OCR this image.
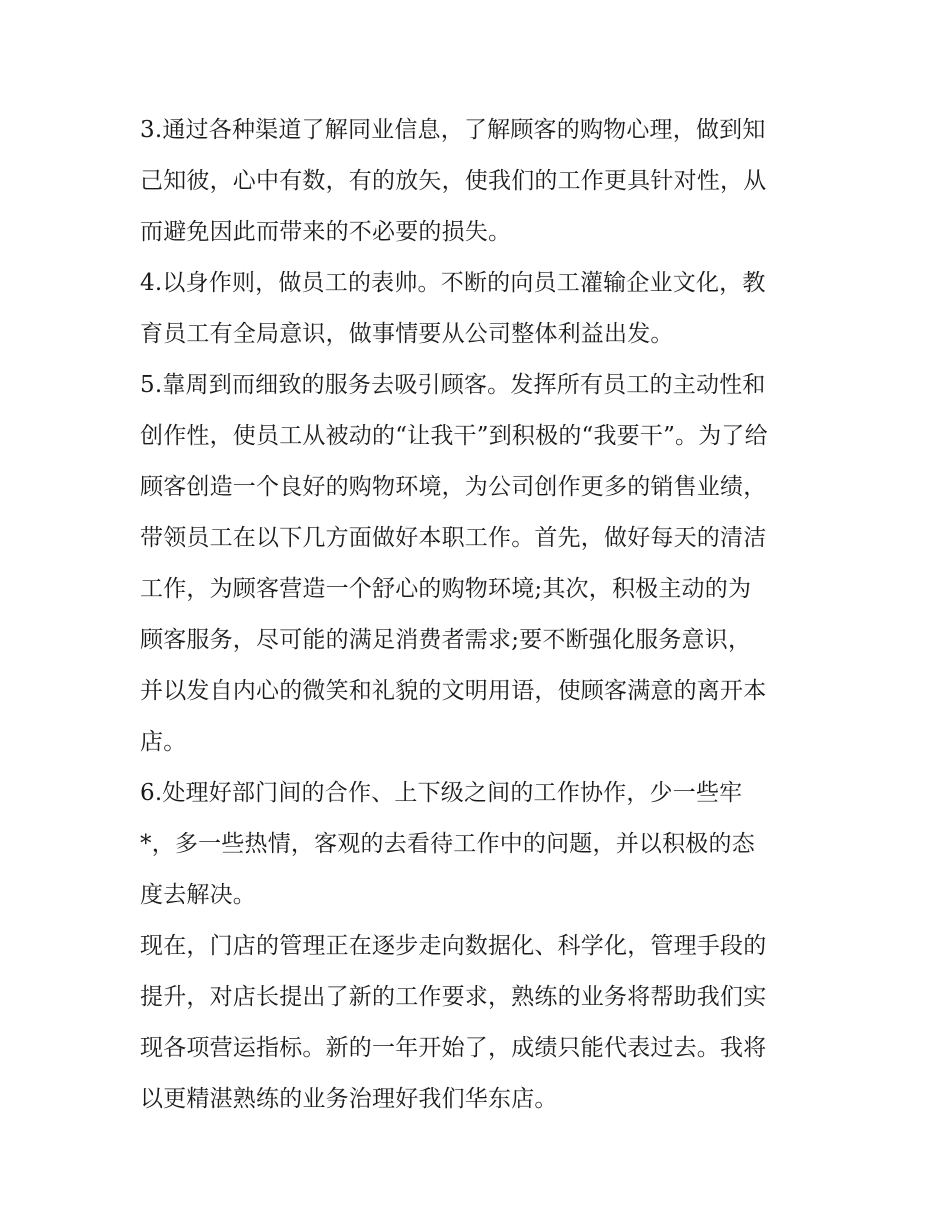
3.通过各种渠道了解同业信息，了解顾客的购物心理，做到知
己知彼，心中有数，有的放矢，使我们的工作更具针对性，从
而避免因此而带来的不必要的损失。
4.以身作则，做员工的表帅。不断的向员工灌输企业文化，教
育员工有全局意识，做事情要从公司整体利益出发。
5.靠周到而细致的服务去吸引顾客。发挥所有员工的主动性和
创作性，使员工从被动的“让我干”到积极的“我要干”。为了给
顾客创造一个良好的购物环境，为公司创作更多的销售业绩，
带领员工在以下几方面做好本职工作。首先，做好每天的清洁
工作，为顾客营造一个舒心的购物环境;其次，积极主动的为
顾客服务，尽可能的满足消费者需求;要不断强化服务意识，
并以发自内心的微笑和礼貌的文明用语，使顾客满意的离开本
店。
6.处理好部门间的合作、上下级之间的工作协作，少一些牢
*，多一些热情，客观的去看待工作中的问题，并以积极的态
度去解决。
现在，门店的管理正在逐步走向数据化、科学化，管理手段的
提升，对店长提出了新的工作要求，熟练的业务将帮助我们实
现各项营运指标。新的一年开始了，成绩只能代表过去。我将
以更精湛熟练的业务治理好我们华东店。
